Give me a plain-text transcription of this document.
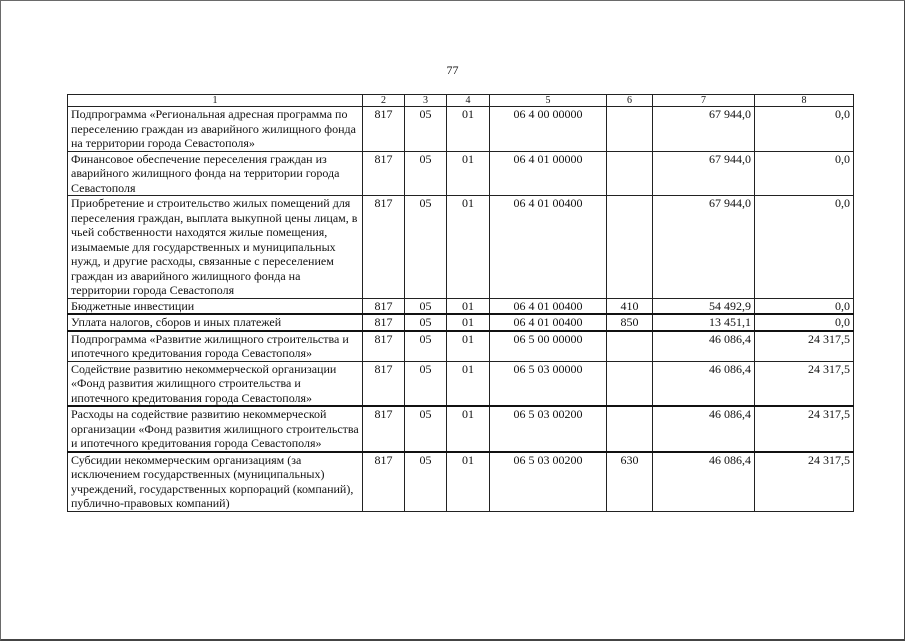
77
1	2	3	4	5	6	7	8
Подпрограмма «Региональная адресная программа по переселению граждан из аварийного жилищного фонда на территории города Севастополя»	817	05	01	06 4 00 00000		67 944,0	0,0
Финансовое обеспечение переселения граждан из аварийного жилищного фонда на территории города Севастополя	817	05	01	06 4 01 00000		67 944,0	0,0
Приобретение и строительство жилых помещений для переселения граждан, выплата выкупной цены лицам, в чьей собственности находятся жилые помещения, изымаемые для государственных и муниципальных нужд, и другие расходы, связанные с переселением граждан из аварийного жилищного фонда на территории города Севастополя	817	05	01	06 4 01 00400		67 944,0	0,0
Бюджетные инвестиции	817	05	01	06 4 01 00400	410	54 492,9	0,0
Уплата налогов, сборов и иных платежей	817	05	01	06 4 01 00400	850	13 451,1	0,0
Подпрограмма «Развитие жилищного строительства и ипотечного кредитования города Севастополя»	817	05	01	06 5 00 00000		46 086,4	24 317,5
Содействие развитию некоммерческой организации «Фонд развития жилищного строительства и ипотечного кредитования города Севастополя»	817	05	01	06 5 03 00000		46 086,4	24 317,5
Расходы на содействие развитию некоммерческой организации «Фонд развития жилищного строительства и ипотечного кредитования города Севастополя»	817	05	01	06 5 03 00200		46 086,4	24 317,5
Субсидии некоммерческим организациям (за исключением государственных (муниципальных) учреждений, государственных корпораций (компаний), публично-правовых компаний)	817	05	01	06 5 03 00200	630	46 086,4	24 317,5
